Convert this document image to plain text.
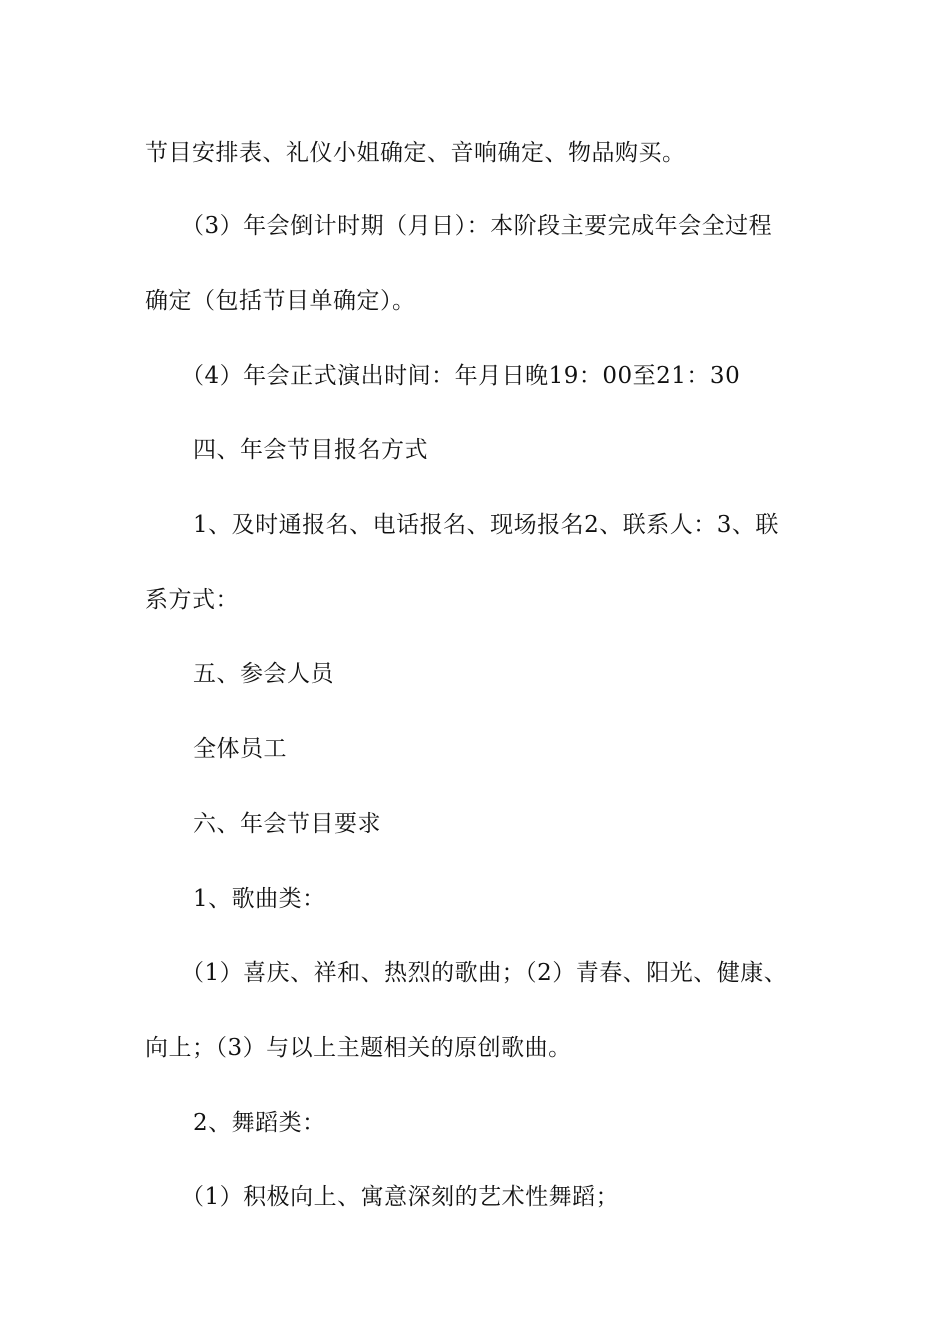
节目安排表、礼仪小姐确定、音响确定、物品购买。
（3）年会倒计时期（月日）：本阶段主要完成年会全过程
确定（包括节目单确定）。
（4）年会正式演出时间：年月日晚19：00至21：30
四、年会节目报名方式
1、及时通报名、电话报名、现场报名2、联系人：3、联
系方式：
五、参会人员
全体员工
六、年会节目要求
1、歌曲类：
（1）喜庆、祥和、热烈的歌曲；（2）青春、阳光、健康、
向上；（3）与以上主题相关的原创歌曲。
2、舞蹈类：
（1）积极向上、寓意深刻的艺术性舞蹈；
